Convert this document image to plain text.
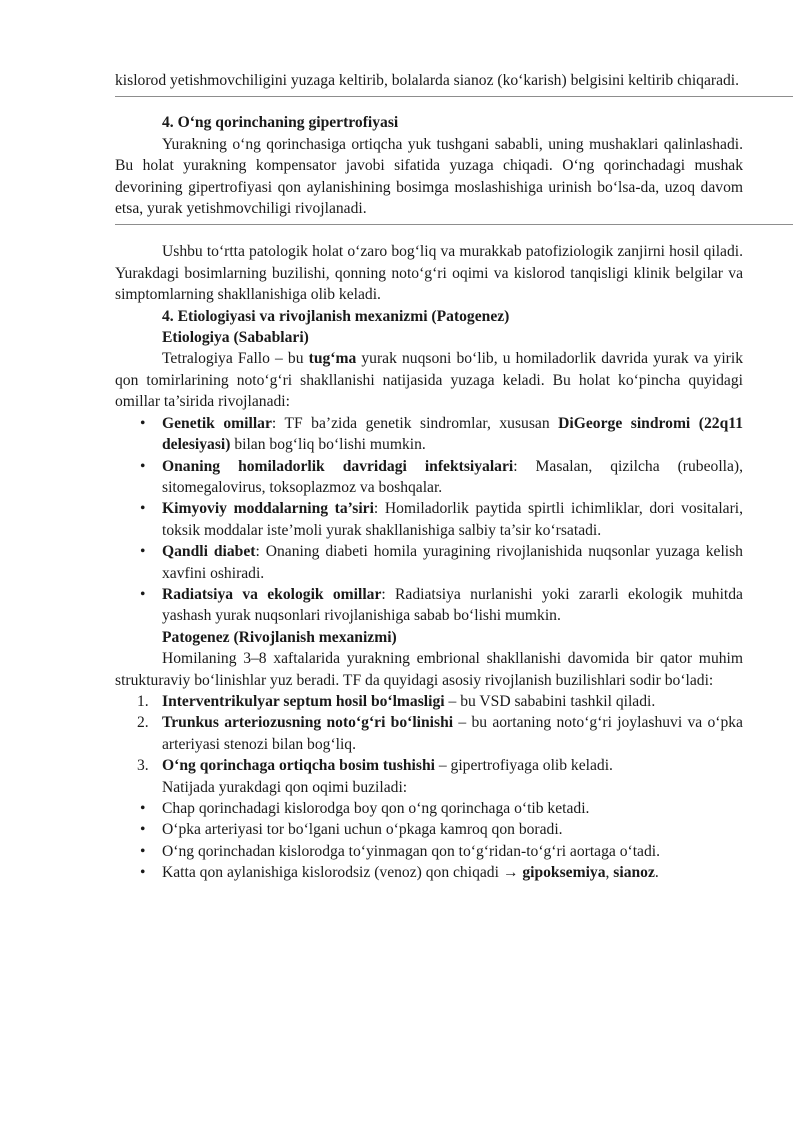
kislorod yetishmovchiligini yuzaga keltirib, bolalarda sianoz (ko‘karish) belgisini keltirib chiqaradi.

4. O‘ng qorinchaning gipertrofiyasi

Yurakning o‘ng qorinchasiga ortiqcha yuk tushgani sababli, uning mushaklari qalinlashadi. Bu holat yurakning kompensator javobi sifatida yuzaga chiqadi. O‘ng qorinchadagi mushak devorining gipertrofiyasi qon aylanishining bosimga moslashishiga urinish bo‘lsa-da, uzoq davom etsa, yurak yetishmovchiligi rivojlanadi.

Ushbu to‘rtta patologik holat o‘zaro bog‘liq va murakkab patofiziologik zanjirni hosil qiladi. Yurakdagi bosimlarning buzilishi, qonning noto‘g‘ri oqimi va kislorod tanqisligi klinik belgilar va simptomlarning shakllanishiga olib keladi.

4. Etiologiyasi va rivojlanish mexanizmi (Patogenez)
Etiologiya (Sabablari)

Tetralogiya Fallo – bu tug‘ma yurak nuqsoni bo‘lib, u homiladorlik davrida yurak va yirik qon tomirlarining noto‘g‘ri shakllanishi natijasida yuzaga keladi. Bu holat ko‘pincha quyidagi omillar ta’sirida rivojlanadi:

• Genetik omillar: TF ba’zida genetik sindromlar, xususan DiGeorge sindromi (22q11 delesiyasi) bilan bog‘liq bo‘lishi mumkin.
• Onaning homiladorlik davridagi infektsiyalari: Masalan, qizilcha (rubeolla), sitomegalovirus, toksoplazmoz va boshqalar.
• Kimyoviy moddalarning ta’siri: Homiladorlik paytida spirtli ichimliklar, dori vositalari, toksik moddalar iste’moli yurak shakllanishiga salbiy ta’sir ko‘rsatadi.
• Qandli diabet: Onaning diabeti homila yuragining rivojlanishida nuqsonlar yuzaga kelish xavfini oshiradi.
• Radiatsiya va ekologik omillar: Radiatsiya nurlanishi yoki zararli ekologik muhitda yashash yurak nuqsonlari rivojlanishiga sabab bo‘lishi mumkin.
Patogenez (Rivojlanish mexanizmi)

Homilaning 3–8 xaftalarida yurakning embrional shakllanishi davomida bir qator muhim strukturaviy bo‘linishlar yuz beradi. TF da quyidagi asosiy rivojlanish buzilishlari sodir bo‘ladi:

1. Interventrikulyar septum hosil bo‘lmasligi – bu VSD sababini tashkil qiladi.
2. Trunkus arteriozusning noto‘g‘ri bo‘linishi – bu aortaning noto‘g‘ri joylashuvi va o‘pka arteriyasi stenozi bilan bog‘liq.
3. O‘ng qorinchaga ortiqcha bosim tushishi – gipertrofiyaga olib keladi.
Natijada yurakdagi qon oqimi buziladi:
• Chap qorinchadagi kislorodga boy qon o‘ng qorinchaga o‘tib ketadi.
• O‘pka arteriyasi tor bo‘lgani uchun o‘pkaga kamroq qon boradi.
• O‘ng qorinchadan kislorodga to‘yinmagan qon to‘g‘ridan-to‘g‘ri aortaga o‘tadi.
• Katta qon aylanishiga kislorodsiz (venoz) qon chiqadi → gipoksemiya, sianoz.
